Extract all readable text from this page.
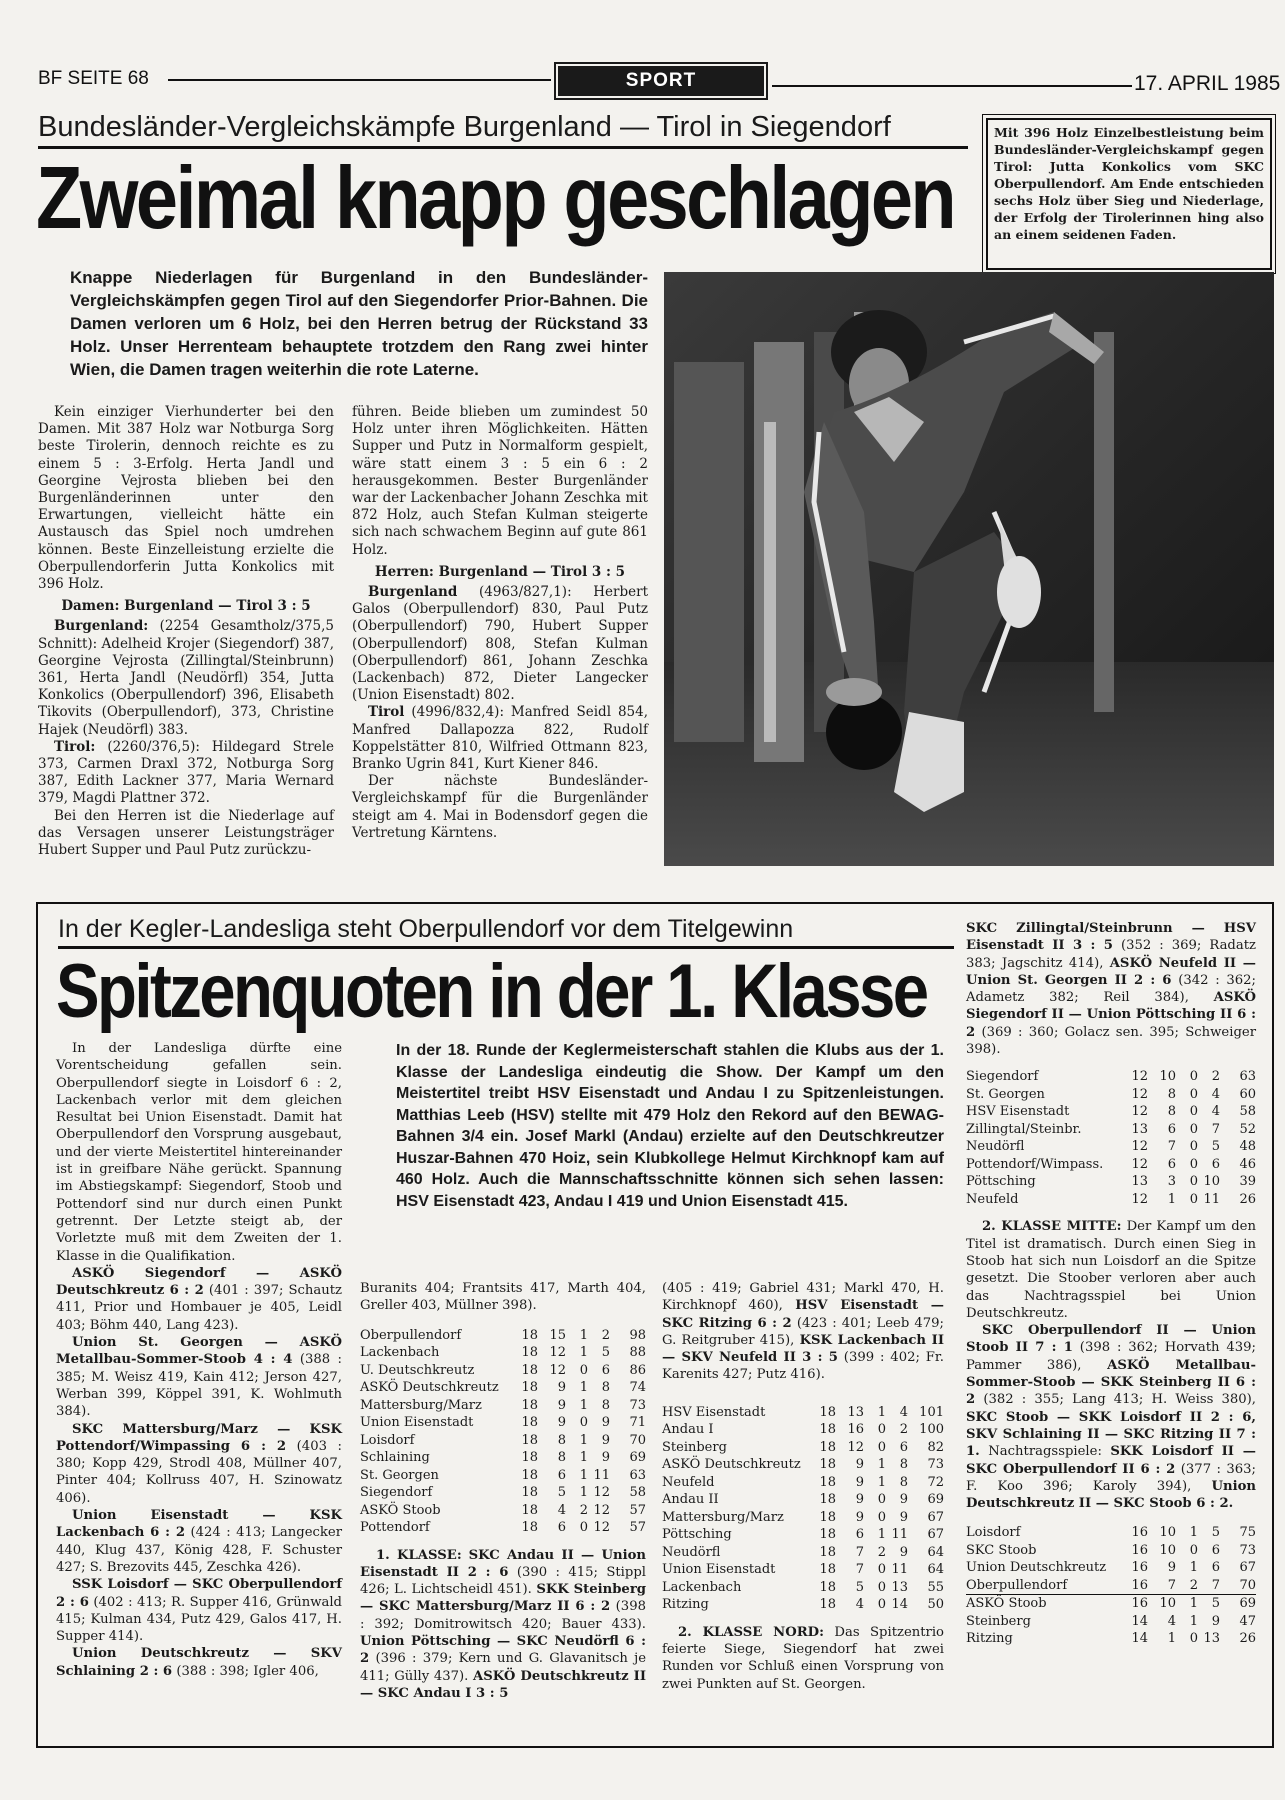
BF SEITE 68	SPORT	17. APRIL 1985
Bundesländer-Vergleichskämpfe Burgenland — Tirol in Siegendorf
Zweimal knapp geschlagen
Mit 396 Holz Einzelbestleistung beim Bundesländer-Vergleichskampf gegen Tirol: Jutta Konkolics vom SKC Oberpullendorf. Am Ende entschieden sechs Holz über Sieg und Niederlage, der Erfolg der Tirolerinnen hing also an einem seidenen Faden.
Knappe Niederlagen für Burgenland in den Bundesländer-Vergleichskämpfen gegen Tirol auf den Siegendorfer Prior-Bahnen. Die Damen verloren um 6 Holz, bei den Herren betrug der Rückstand 33 Holz. Unser Herrenteam behauptete trotzdem den Rang zwei hinter Wien, die Damen tragen weiterhin die rote Laterne.

Kein einziger Vierhunderter bei den Damen. Mit 387 Holz war Notburga Sorg beste Tirolerin, dennoch reichte es zu einem 5 : 3-Erfolg. Herta Jandl und Georgine Vejrosta blieben bei den Burgenländerinnen unter den Erwartungen, vielleicht hätte ein Austausch das Spiel noch umdrehen können. Beste Einzelleistung erzielte die Oberpullendorferin Jutta Konkolics mit 396 Holz.

Damen: Burgenland — Tirol 3 : 5

Burgenland: (2254 Gesamtholz/375,5 Schnitt): Adelheid Krojer (Siegendorf) 387, Georgine Vejrosta (Zillingtal/Steinbrunn) 361, Herta Jandl (Neudörfl) 354, Jutta Konkolics (Oberpullendorf) 396, Elisabeth Tikovits (Oberpullendorf), 373, Christine Hajek (Neudörfl) 383.

Tirol: (2260/376,5): Hildegard Strele 373, Carmen Draxl 372, Notburga Sorg 387, Edith Lackner 377, Maria Wernard 379, Magdi Plattner 372.

Bei den Herren ist die Niederlage auf das Versagen unserer Leistungsträger Hubert Supper und Paul Putz zurückzu-

führen. Beide blieben um zumindest 50 Holz unter ihren Möglichkeiten. Hätten Supper und Putz in Normalform gespielt, wäre statt einem 3 : 5 ein 6 : 2 herausgekommen. Bester Burgenländer war der Lackenbacher Johann Zeschka mit 872 Holz, auch Stefan Kulman steigerte sich nach schwachem Beginn auf gute 861 Holz.

Herren: Burgenland — Tirol 3 : 5

Burgenland (4963/827,1): Herbert Galos (Oberpullendorf) 830, Paul Putz (Oberpullendorf) 790, Hubert Supper (Oberpullendorf) 808, Stefan Kulman (Oberpullendorf) 861, Johann Zeschka (Lackenbach) 872, Dieter Langecker (Union Eisenstadt) 802.

Tirol (4996/832,4): Manfred Seidl 854, Manfred Dallapozza 822, Rudolf Koppelstätter 810, Wilfried Ottmann 823, Branko Ugrin 841, Kurt Kiener 846.

Der nächste Bundesländer-Vergleichskampf für die Burgenländer steigt am 4. Mai in Bodensdorf gegen die Vertretung Kärntens.

In der Kegler-Landesliga steht Oberpullendorf vor dem Titelgewinn
Spitzenquoten in der 1. Klasse
In der 18. Runde der Keglermeisterschaft stahlen die Klubs aus der 1. Klasse der Landesliga eindeutig die Show. Der Kampf um den Meistertitel treibt HSV Eisenstadt und Andau I zu Spitzenleistungen. Matthias Leeb (HSV) stellte mit 479 Holz den Rekord auf den BEWAG-Bahnen 3/4 ein. Josef Markl (Andau) erzielte auf den Deutschkreutzer Huszar-Bahnen 470 Hoiz, sein Klubkollege Helmut Kirchknopf kam auf 460 Holz. Auch die Mannschaftsschnitte können sich sehen lassen: HSV Eisenstadt 423, Andau I 419 und Union Eisenstadt 415.

In der Landesliga dürfte eine Vorentscheidung gefallen sein. Oberpullendorf siegte in Loisdorf 6 : 2, Lackenbach verlor mit dem gleichen Resultat bei Union Eisenstadt. Damit hat Oberpullendorf den Vorsprung ausgebaut, und der vierte Meistertitel hintereinander ist in greifbare Nähe gerückt. Spannung im Abstiegskampf: Siegendorf, Stoob und Pottendorf sind nur durch einen Punkt getrennt. Der Letzte steigt ab, der Vorletzte muß mit dem Zweiten der 1. Klasse in die Qualifikation.

ASKÖ Siegendorf — ASKÖ Deutschkreutz 6 : 2 (401 : 397; Schautz 411, Prior und Hombauer je 405, Leidl 403; Böhm 440, Lang 423).

Union St. Georgen — ASKÖ Metallbau-Sommer-Stoob 4 : 4 (388 : 385; M. Weisz 419, Kain 412; Jerson 427, Werban 399, Köppel 391, K. Wohlmuth 384).

SKC Mattersburg/Marz — KSK Pottendorf/Wimpassing 6 : 2 (403 : 380; Kopp 429, Strodl 408, Müllner 407, Pinter 404; Kollruss 407, H. Szinowatz 406).

Union Eisenstadt — KSK Lackenbach 6 : 2 (424 : 413; Langecker 440, Klug 437, König 428, F. Schuster 427; S. Brezovits 445, Zeschka 426).

SSK Loisdorf — SKC Oberpullendorf 2 : 6 (402 : 413; R. Supper 416, Grünwald 415; Kulman 434, Putz 429, Galos 417, H. Supper 414).

Union Deutschkreutz — SKV Schlaining 2 : 6 (388 : 398; Igler 406,

Buranits 404; Frantsits 417, Marth 404, Greller 403, Müllner 398).

Oberpullendorf	18	15	1	2	98
Lackenbach	18	12	1	5	88
U. Deutschkreutz	18	12	0	6	86
ASKÖ Deutschkreutz	18	9	1	8	74
Mattersburg/Marz	18	9	1	8	73
Union Eisenstadt	18	9	0	9	71
Loisdorf	18	8	1	9	70
Schlaining	18	8	1	9	69
St. Georgen	18	6	1	11	63
Siegendorf	18	5	1	12	58
ASKÖ Stoob	18	4	2	12	57
Pottendorf	18	6	0	12	57

1. KLASSE: SKC Andau II — Union Eisenstadt II 2 : 6 (390 : 415; Stippl 426; L. Lichtscheidl 451). SKK Steinberg — SKC Mattersburg/Marz II 6 : 2 (398 : 392; Domitrowitsch 420; Bauer 433). Union Pöttsching — SKC Neudörfl 6 : 2 (396 : 379; Kern und G. Glavanitsch je 411; Gülly 437). ASKÖ Deutschkreutz II — SKC Andau I 3 : 5

(405 : 419; Gabriel 431; Markl 470, H. Kirchknopf 460), HSV Eisenstadt — SKC Ritzing 6 : 2 (423 : 401; Leeb 479; G. Reitgruber 415), KSK Lackenbach II — SKV Neufeld II 3 : 5 (399 : 402; Fr. Karenits 427; Putz 416).

HSV Eisenstadt	18	13	1	4	101
Andau I	18	16	0	2	100
Steinberg	18	12	0	6	82
ASKÖ Deutschkreutz	18	9	1	8	73
Neufeld	18	9	1	8	72
Andau II	18	9	0	9	69
Mattersburg/Marz	18	9	0	9	67
Pöttsching	18	6	1	11	67
Neudörfl	18	7	2	9	64
Union Eisenstadt	18	7	0	11	64
Lackenbach	18	5	0	13	55
Ritzing	18	4	0	14	50

2. KLASSE NORD: Das Spitzentrio feierte Siege, Siegendorf hat zwei Runden vor Schluß einen Vorsprung von zwei Punkten auf St. Georgen.

SKC Zillingtal/Steinbrunn — HSV Eisenstadt II 3 : 5 (352 : 369; Radatz 383; Jagschitz 414), ASKÖ Neufeld II — Union St. Georgen II 2 : 6 (342 : 362; Adametz 382; Reil 384), ASKÖ Siegendorf II — Union Pöttsching II 6 : 2 (369 : 360; Golacz sen. 395; Schweiger 398).

Siegendorf	12	10	0	2	63
St. Georgen	12	8	0	4	60
HSV Eisenstadt	12	8	0	4	58
Zillingtal/Steinbr.	13	6	0	7	52
Neudörfl	12	7	0	5	48
Pottendorf/Wimpass.	12	6	0	6	46
Pöttsching	13	3	0	10	39
Neufeld	12	1	0	11	26

2. KLASSE MITTE: Der Kampf um den Titel ist dramatisch. Durch einen Sieg in Stoob hat sich nun Loisdorf an die Spitze gesetzt. Die Stoober verloren aber auch das Nachtragsspiel bei Union Deutschkreutz.

SKC Oberpullendorf II — Union Stoob II 7 : 1 (398 : 362; Horvath 439; Pammer 386), ASKÖ Metallbau-Sommer-Stoob — SKK Steinberg II 6 : 2 (382 : 355; Lang 413; H. Weiss 380), SKC Stoob — SKK Loisdorf II 2 : 6, SKV Schlaining II — SKC Ritzing II 7 : 1. Nachtragsspiele: SKK Loisdorf II — SKC Oberpullendorf II 6 : 2 (377 : 363; F. Koo 396; Karoly 394), Union Deutschkreutz II — SKC Stoob 6 : 2.

Loisdorf	16	10	1	5	75
SKC Stoob	16	10	0	6	73
Union Deutschkreutz	16	9	1	6	67
Oberpullendorf	16	7	2	7	70
ASKÖ Stoob	16	10	1	5	69
Steinberg	14	4	1	9	47
Ritzing	14	1	0	13	26
